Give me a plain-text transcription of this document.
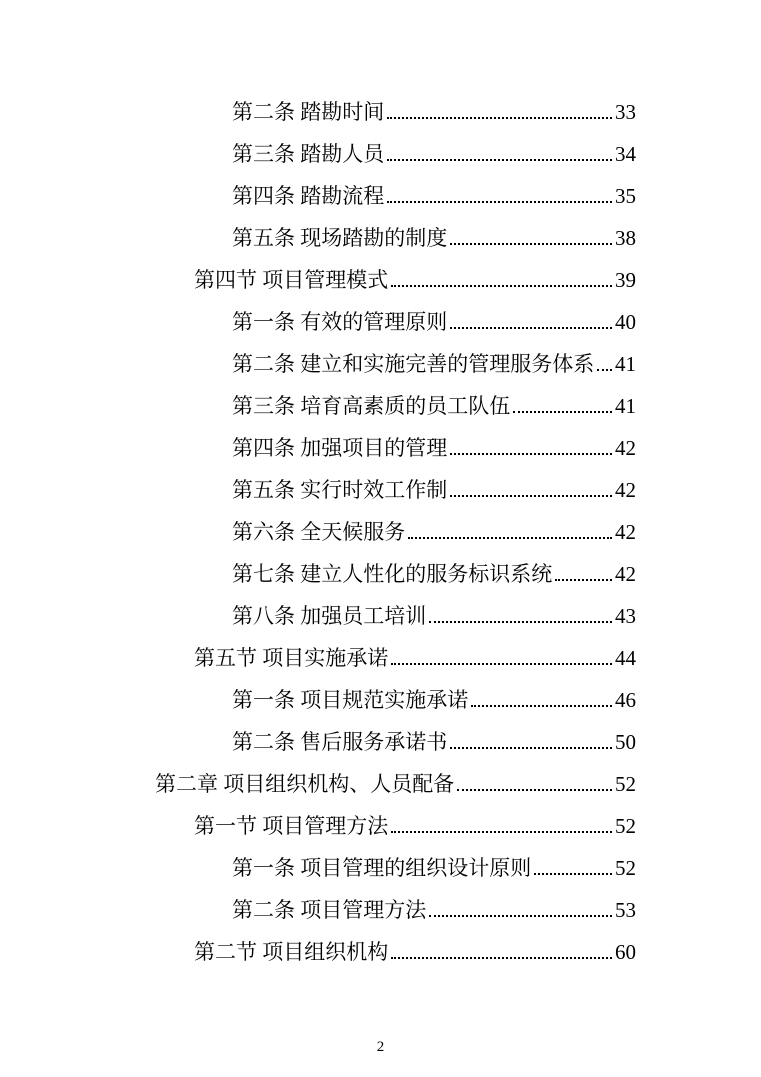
第二条 踏勘时间	33
第三条 踏勘人员	34
第四条 踏勘流程	35
第五条 现场踏勘的制度	38
第四节 项目管理模式	39
第一条 有效的管理原则	40
第二条 建立和实施完善的管理服务体系 41
第三条 培育高素质的员工队伍	41
第四条 加强项目的管理	42
第五条 实行时效工作制	42
第六条 全天候服务	42
第七条 建立人性化的服务标识系统	42
第八条 加强员工培训	43
第五节 项目实施承诺	44
第一条 项目规范实施承诺	46
第二条 售后服务承诺书	50
第二章 项目组织机构、人员配备	52
第一节 项目管理方法	52
第一条 项目管理的组织设计原则	52
第二条 项目管理方法	53
第二节 项目组织机构	60
2
